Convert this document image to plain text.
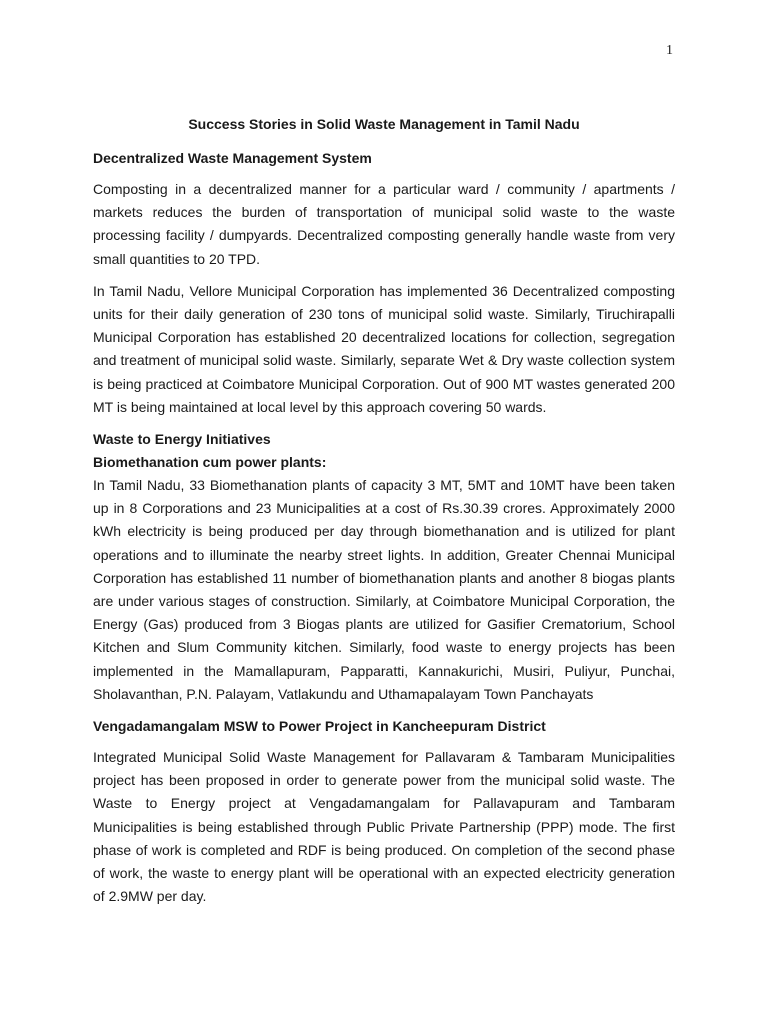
1
Success Stories in Solid Waste Management in Tamil Nadu
Decentralized Waste Management System

Composting in a decentralized manner for a particular ward / community / apartments / markets reduces the burden of transportation of municipal solid waste to the waste processing facility / dumpyards. Decentralized composting generally handle waste from very small quantities to 20 TPD.

In Tamil Nadu, Vellore Municipal Corporation has implemented 36 Decentralized composting units for their daily generation of 230 tons of municipal solid waste. Similarly, Tiruchirapalli Municipal Corporation has established 20 decentralized locations for collection, segregation and treatment of municipal solid waste. Similarly, separate Wet & Dry waste collection system is being practiced at Coimbatore Municipal Corporation. Out of 900 MT wastes generated 200 MT is being maintained at local level by this approach covering 50 wards.

Waste to Energy Initiatives
Biomethanation cum power plants:

In Tamil Nadu, 33 Biomethanation plants of capacity 3 MT, 5MT and 10MT have been taken up in 8 Corporations and 23 Municipalities at a cost of Rs.30.39 crores. Approximately 2000 kWh electricity is being produced per day through biomethanation and is utilized for plant operations and to illuminate the nearby street lights. In addition, Greater Chennai Municipal Corporation has established 11 number of biomethanation plants and another 8 biogas plants are under various stages of construction. Similarly, at Coimbatore Municipal Corporation, the Energy (Gas) produced from 3 Biogas plants are utilized for Gasifier Crematorium, School Kitchen and Slum Community kitchen. Similarly, food waste to energy projects has been implemented in the Mamallapuram, Papparatti, Kannakurichi, Musiri, Puliyur, Punchai, Sholavanthan, P.N. Palayam, Vatlakundu and Uthamapalayam Town Panchayats

Vengadamangalam MSW to Power Project in Kancheepuram District

Integrated Municipal Solid Waste Management for Pallavaram & Tambaram Municipalities project has been proposed in order to generate power from the municipal solid waste. The Waste to Energy project at Vengadamangalam for Pallavapuram and Tambaram Municipalities is being established through Public Private Partnership (PPP) mode. The first phase of work is completed and RDF is being produced. On completion of the second phase of work, the waste to energy plant will be operational with an expected electricity generation of 2.9MW per day.
